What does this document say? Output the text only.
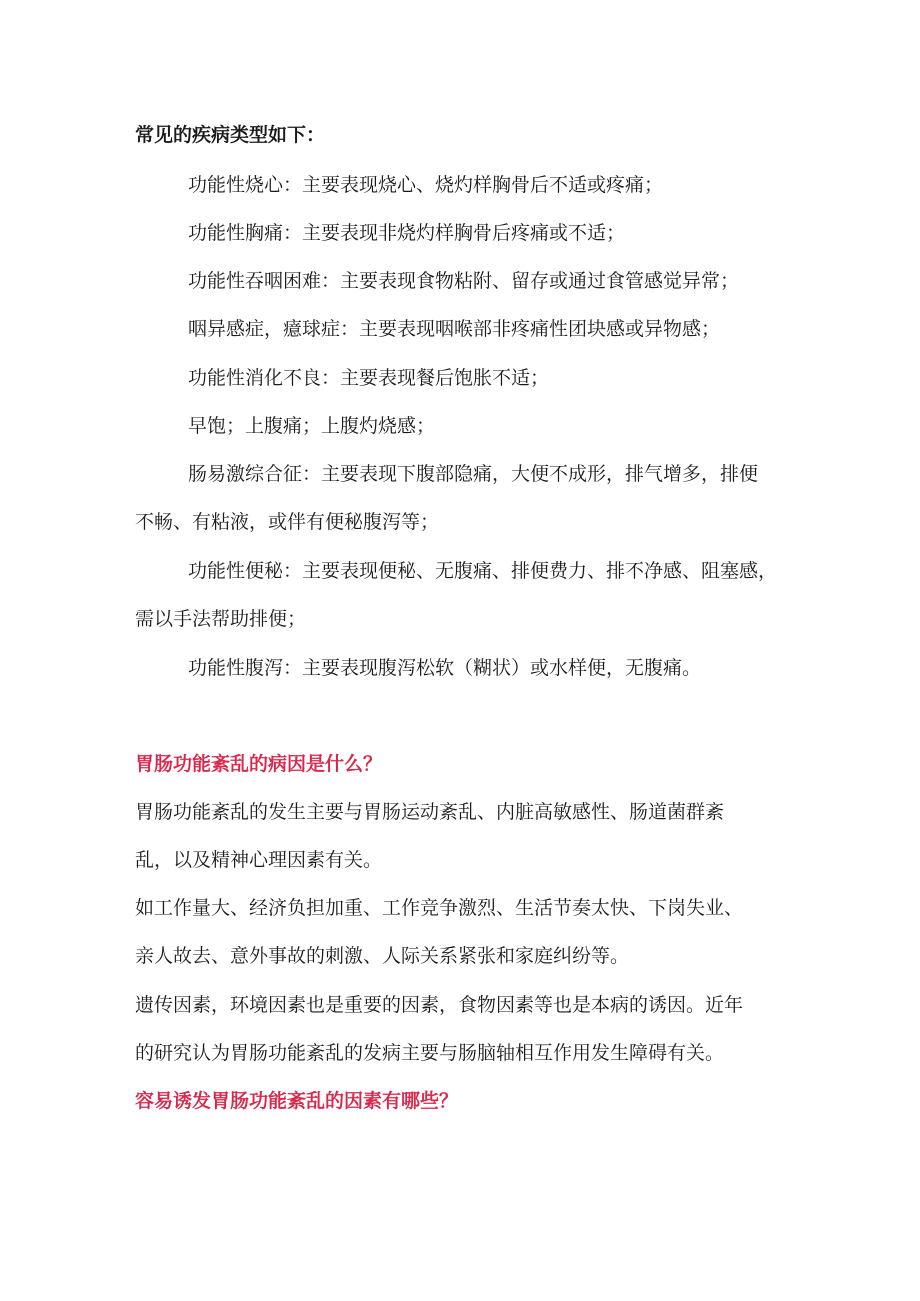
常见的疾病类型如下：
功能性烧心：主要表现烧心、烧灼样胸骨后不适或疼痛；
功能性胸痛：主要表现非烧灼样胸骨后疼痛或不适；
功能性吞咽困难：主要表现食物粘附、留存或通过食管感觉异常；
咽异感症，癔球症：主要表现咽喉部非疼痛性团块感或异物感；
功能性消化不良：主要表现餐后饱胀不适；
早饱；上腹痛；上腹灼烧感；
肠易激综合征：主要表现下腹部隐痛，大便不成形，排气增多，排便
不畅、有粘液，或伴有便秘腹泻等；
功能性便秘：主要表现便秘、无腹痛、排便费力、排不净感、阻塞感，
需以手法帮助排便；
功能性腹泻：主要表现腹泻松软（糊状）或水样便，无腹痛。
胃肠功能紊乱的病因是什么？
胃肠功能紊乱的发生主要与胃肠运动紊乱、内脏高敏感性、肠道菌群紊
乱，以及精神心理因素有关。
如工作量大、经济负担加重、工作竞争激烈、生活节奏太快、下岗失业、
亲人故去、意外事故的刺激、人际关系紧张和家庭纠纷等。
遗传因素，环境因素也是重要的因素，食物因素等也是本病的诱因。近年
的研究认为胃肠功能紊乱的发病主要与肠脑轴相互作用发生障碍有关。
容易诱发胃肠功能紊乱的因素有哪些？
